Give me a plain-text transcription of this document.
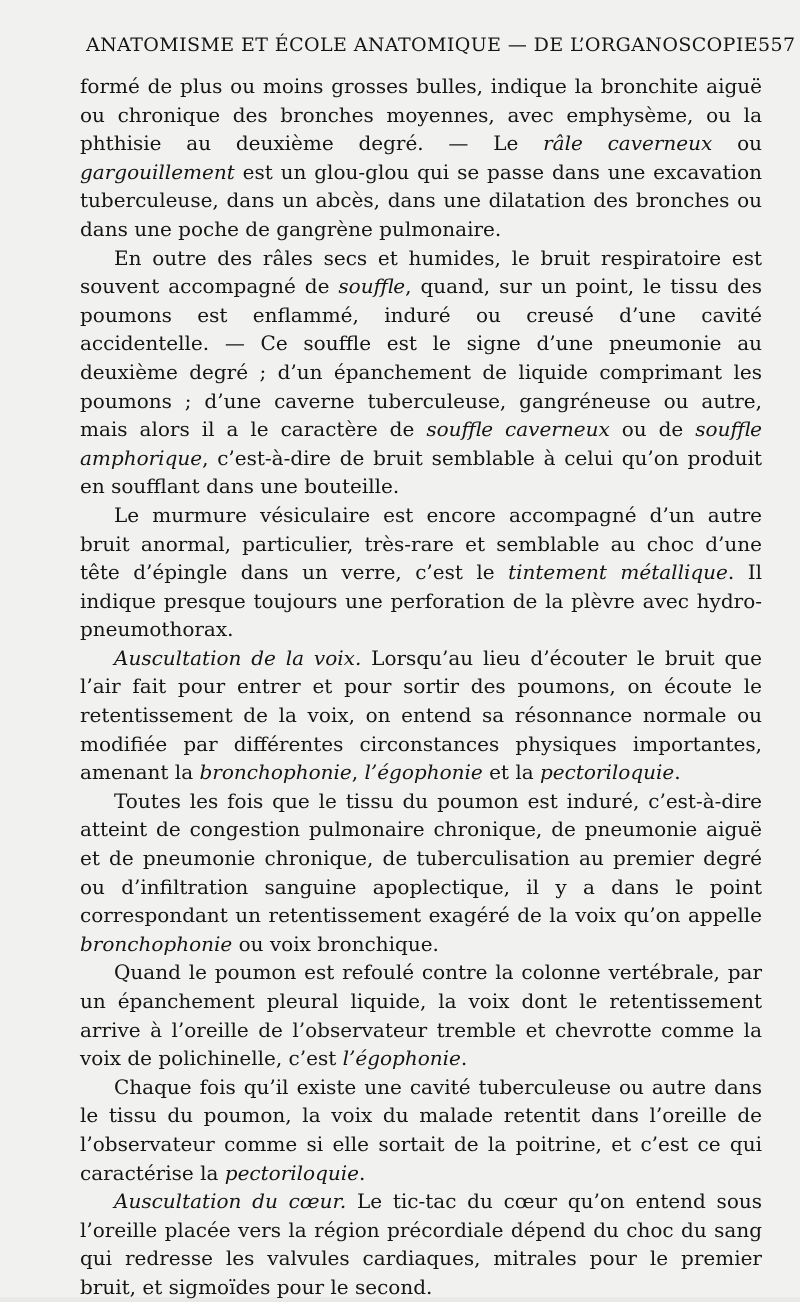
ANATOMISME ET ÉCOLE ANATOMIQUE — DE L’ORGANOSCOPIE 557

formé de plus ou moins grosses bulles, indique la bronchite aiguë ou chronique des bronches moyennes, avec emphysème, ou la phthisie au deuxième degré. — Le râle caverneux ou gargouillement est un glou-glou qui se passe dans une excavation tuberculeuse, dans un abcès, dans une dilatation des bronches ou dans une poche de gangrène pulmonaire.

En outre des râles secs et humides, le bruit respiratoire est souvent accompagné de souffle, quand, sur un point, le tissu des poumons est enflammé, induré ou creusé d’une cavité accidentelle. — Ce souffle est le signe d’une pneumonie au deuxième degré ; d’un épanchement de liquide comprimant les poumons ; d’une caverne tuberculeuse, gangréneuse ou autre, mais alors il a le caractère de souffle caverneux ou de souffle amphorique, c’est-à-dire de bruit semblable à celui qu’on produit en soufflant dans une bouteille.

Le murmure vésiculaire est encore accompagné d’un autre bruit anormal, particulier, très-rare et semblable au choc d’une tête d’épingle dans un verre, c’est le tintement métallique. Il indique presque toujours une perforation de la plèvre avec hydro-pneumothorax.

Auscultation de la voix. Lorsqu’au lieu d’écouter le bruit que l’air fait pour entrer et pour sortir des poumons, on écoute le retentissement de la voix, on entend sa résonnance normale ou modifiée par différentes circonstances physiques importantes, amenant la bronchophonie, l’égophonie et la pectoriloquie.

Toutes les fois que le tissu du poumon est induré, c’est-à-dire atteint de congestion pulmonaire chronique, de pneumonie aiguë et de pneumonie chronique, de tuberculisation au premier degré ou d’infiltration sanguine apoplectique, il y a dans le point correspondant un retentissement exagéré de la voix qu’on appelle bronchophonie ou voix bronchique.

Quand le poumon est refoulé contre la colonne vertébrale, par un épanchement pleural liquide, la voix dont le retentissement arrive à l’oreille de l’observateur tremble et chevrotte comme la voix de polichinelle, c’est l’égophonie.

Chaque fois qu’il existe une cavité tuberculeuse ou autre dans le tissu du poumon, la voix du malade retentit dans l’oreille de l’observateur comme si elle sortait de la poitrine, et c’est ce qui caractérise la pectoriloquie.

Auscultation du cœur. Le tic-tac du cœur qu’on entend sous l’oreille placée vers la région précordiale dépend du choc du sang qui redresse les valvules cardiaques, mitrales pour le premier bruit, et sigmoïdes pour le second.
